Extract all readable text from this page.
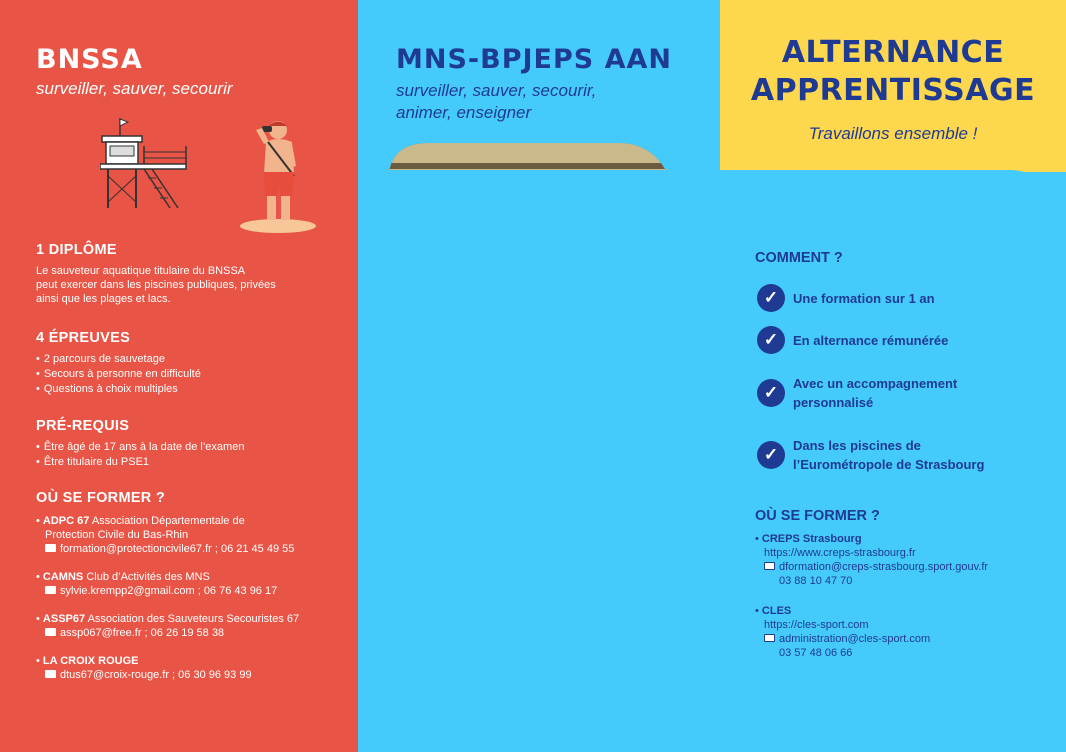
BNSSA
surveiller, sauver, secourir
1 DIPLÔME
Le sauveteur aquatique titulaire du BNSSA
peut exercer dans les piscines publiques, privées
ainsi que les plages et lacs.
4 ÉPREUVES
• 2 parcours de sauvetage
• Secours à personne en difficulté
• Questions à choix multiples
PRÉ-REQUIS
• Être âgé de 17 ans à la date de l’examen
• Être titulaire du PSE1
OÙ SE FORMER ?
• ADPC 67 Association Départementale de
Protection Civile du Bas-Rhin
formation@protectioncivile67.fr ; 06 21 45 49 55
• CAMNS Club d’Activités des MNS
sylvie.krempp2@gmail.com ; 06 76 43 96 17
• ASSP67 Association des Sauveteurs Secouristes 67
assp067@free.fr ; 06 26 19 58 38
• LA CROIX ROUGE
dtus67@croix-rouge.fr ; 06 30 96 93 99
MNS-BPJEPS AAN
surveiller, sauver, secourir,
animer, enseigner
•
•
•
•
•
ALTERNANCE
APPRENTISSAGE
Travaillons ensemble !
COMMENT ?
✓	Une formation sur 1 an
✓	En alternance rémunérée
✓	Avec un accompagnement
personnalisé
✓	Dans les piscines de
l’Eurométropole de Strasbourg
OÙ SE FORMER ?
• CREPS Strasbourg
https://www.creps-strasbourg.fr
dformation@creps-strasbourg.sport.gouv.fr
03 88 10 47 70
• CLES
https://cles-sport.com
administration@cles-sport.com
03 57 48 06 66
